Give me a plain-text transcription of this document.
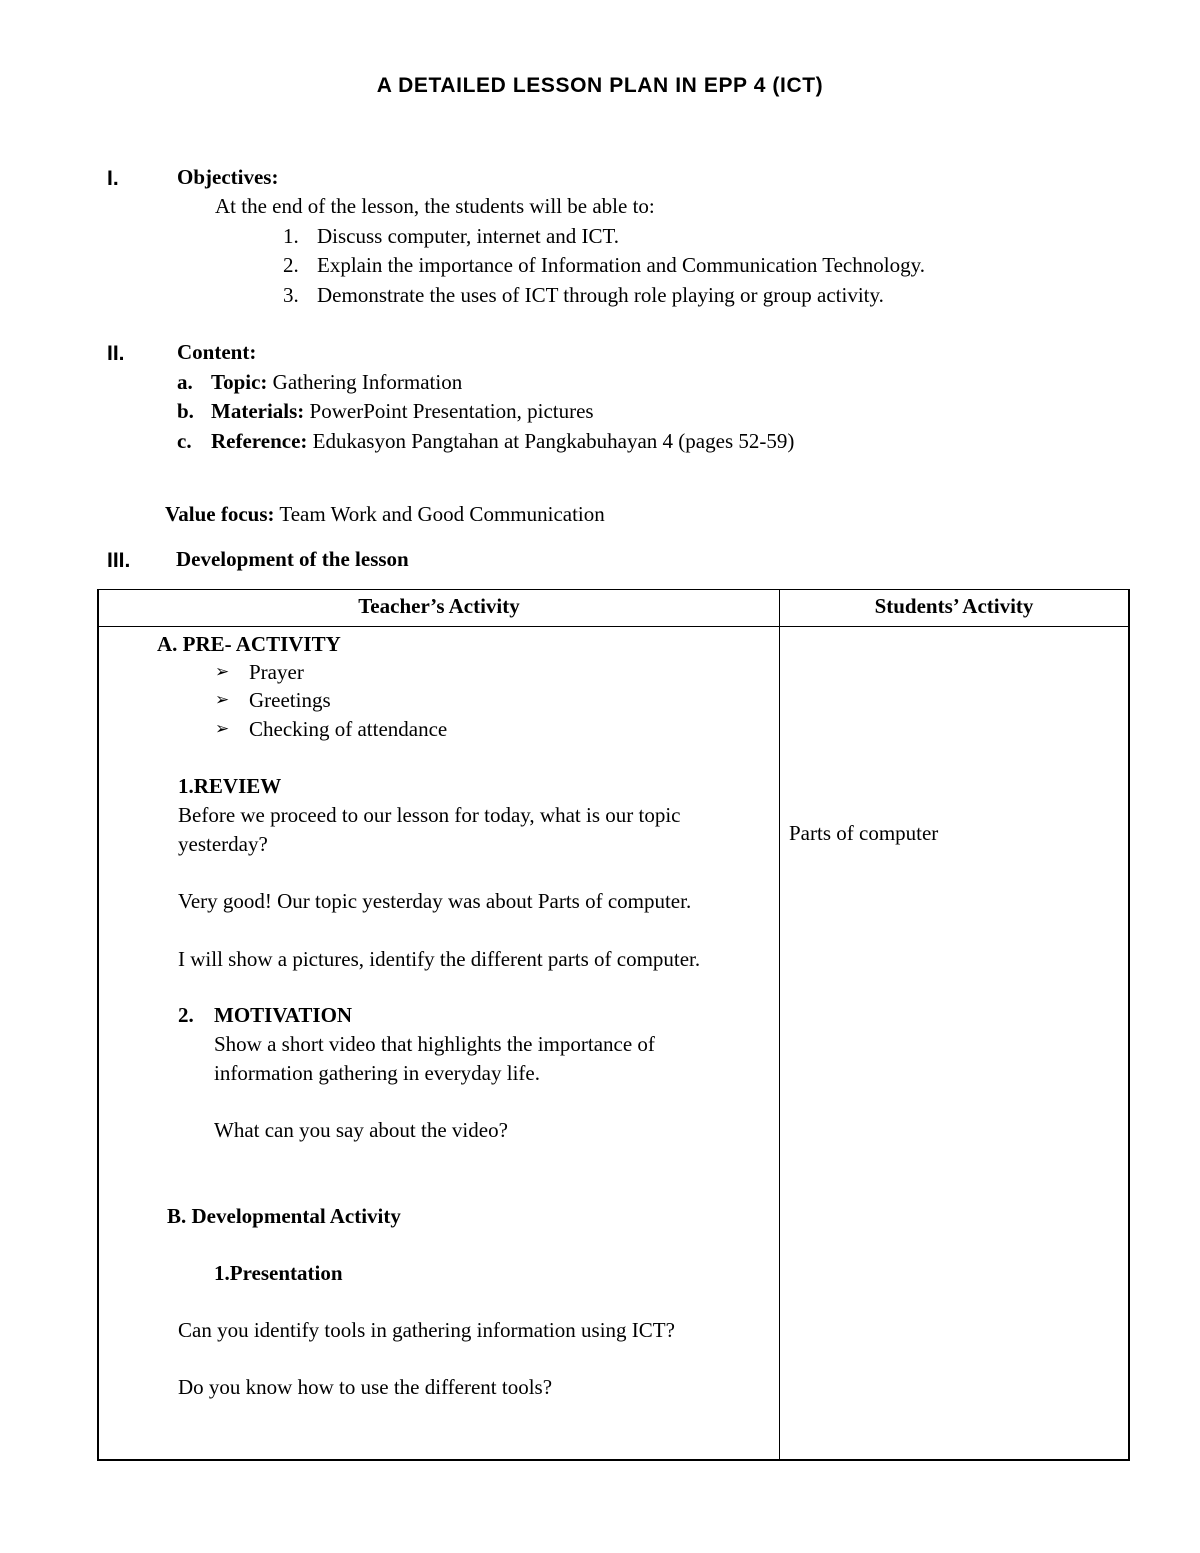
A DETAILED LESSON PLAN IN EPP 4 (ICT)
I.	Objectives:
At the end of the lesson, the students will be able to:
1. Discuss computer, internet and ICT.
2. Explain the importance of Information and Communication Technology.
3. Demonstrate the uses of ICT through role playing or group activity.
II. Content:
a. Topic: Gathering Information
b. Materials: PowerPoint Presentation, pictures
c. Reference: Edukasyon Pangtahan at Pangkabuhayan 4 (pages 52-59)
Value focus: Team Work and Good Communication
III. Development of the lesson
Teacher’s Activity	Students’ Activity
A. PRE- ACTIVITY
➢ Prayer
➢ Greetings
➢ Checking of attendance
1.REVIEW
Before we proceed to our lesson for today, what is our topic
yesterday?
Very good! Our topic yesterday was about Parts of computer.
I will show a pictures, identify the different parts of computer.
2. MOTIVATION
Show a short video that highlights the importance of
information gathering in everyday life.
What can you say about the video?
B. Developmental Activity
1.Presentation
Can you identify tools in gathering information using ICT?
Do you know how to use the different tools?
Parts of computer
